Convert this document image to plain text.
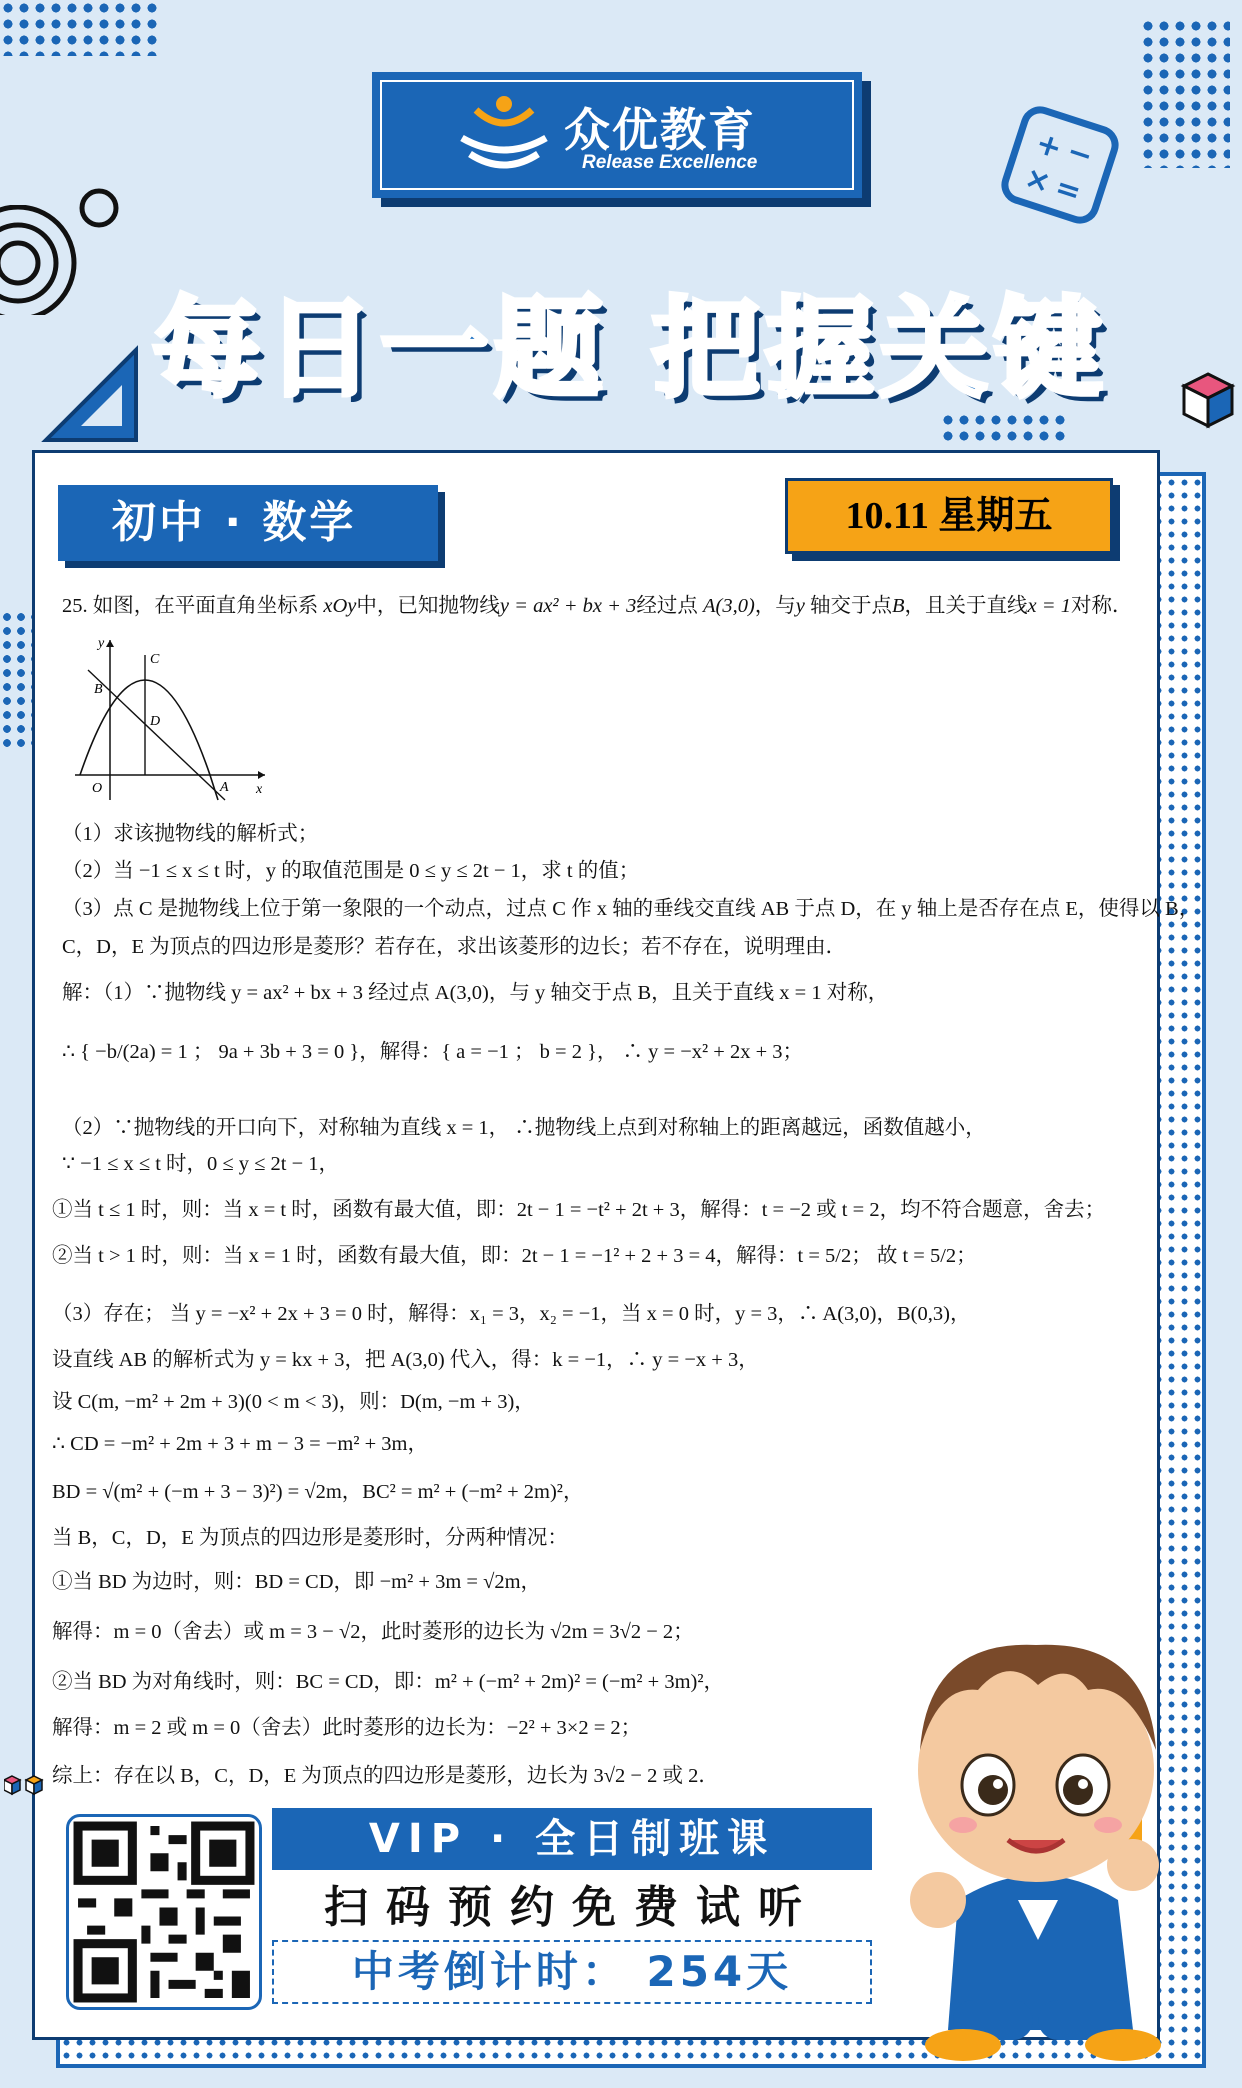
+
−
×
=
众优教育
Release Excellence
每日一题 把握关键
初中 · 数学	10.11 星期五
y
x
O	A
B
C
D
25. 如图，在平面直角坐标系 xOy中，已知抛物线y = ax² + bx + 3经过点 A(3,0)，与y 轴交于点B，且关于直线x = 1对称．
（1）求该抛物线的解析式；
（2）当 −1 ≤ x ≤ t 时，y 的取值范围是 0 ≤ y ≤ 2t − 1，求 t 的值；
（3）点 C 是抛物线上位于第一象限的一个动点，过点 C 作 x 轴的垂线交直线 AB 于点 D，在 y 轴上是否存在点 E，使得以 B，
C，D，E 为顶点的四边形是菱形？若存在，求出该菱形的边长；若不存在，说明理由．
解：（1）∵抛物线 y = ax² + bx + 3 经过点 A(3,0)，与 y 轴交于点 B，且关于直线 x = 1 对称，
∴ { −b/(2a) = 1 ； 9a + 3b + 3 = 0 }，解得：{ a = −1 ； b = 2 }， ∴ y = −x² + 2x + 3；
（2）∵抛物线的开口向下，对称轴为直线 x = 1， ∴抛物线上点到对称轴上的距离越远，函数值越小，
∵ −1 ≤ x ≤ t 时，0 ≤ y ≤ 2t − 1，
①当 t ≤ 1 时，则：当 x = t 时，函数有最大值，即：2t − 1 = −t² + 2t + 3，解得：t = −2 或 t = 2，均不符合题意，舍去；
②当 t > 1 时，则：当 x = 1 时，函数有最大值，即：2t − 1 = −1² + 2 + 3 = 4，解得：t = 5/2； 故 t = 5/2；
（3）存在； 当 y = −x² + 2x + 3 = 0 时，解得：x₁ = 3，x₂ = −1，当 x = 0 时，y = 3，∴ A(3,0)，B(0,3)，
设直线 AB 的解析式为 y = kx + 3，把 A(3,0) 代入，得：k = −1，∴ y = −x + 3，
设 C(m, −m² + 2m + 3)(0 < m < 3)，则：D(m, −m + 3)，
∴ CD = −m² + 2m + 3 + m − 3 = −m² + 3m，
BD = √(m² + (−m + 3 − 3)²) = √2m，BC² = m² + (−m² + 2m)²，
当 B，C，D，E 为顶点的四边形是菱形时，分两种情况：
①当 BD 为边时，则：BD = CD，即 −m² + 3m = √2m，
解得：m = 0（舍去）或 m = 3 − √2，此时菱形的边长为 √2m = 3√2 − 2；
②当 BD 为对角线时，则：BC = CD，即：m² + (−m² + 2m)² = (−m² + 3m)²，
解得：m = 2 或 m = 0（舍去）此时菱形的边长为：−2² + 3×2 = 2；
综上：存在以 B，C，D，E 为顶点的四边形是菱形，边长为 3√2 − 2 或 2．
VIP · 全日制班课
扫码预约免费试听
中考倒计时： 254天
